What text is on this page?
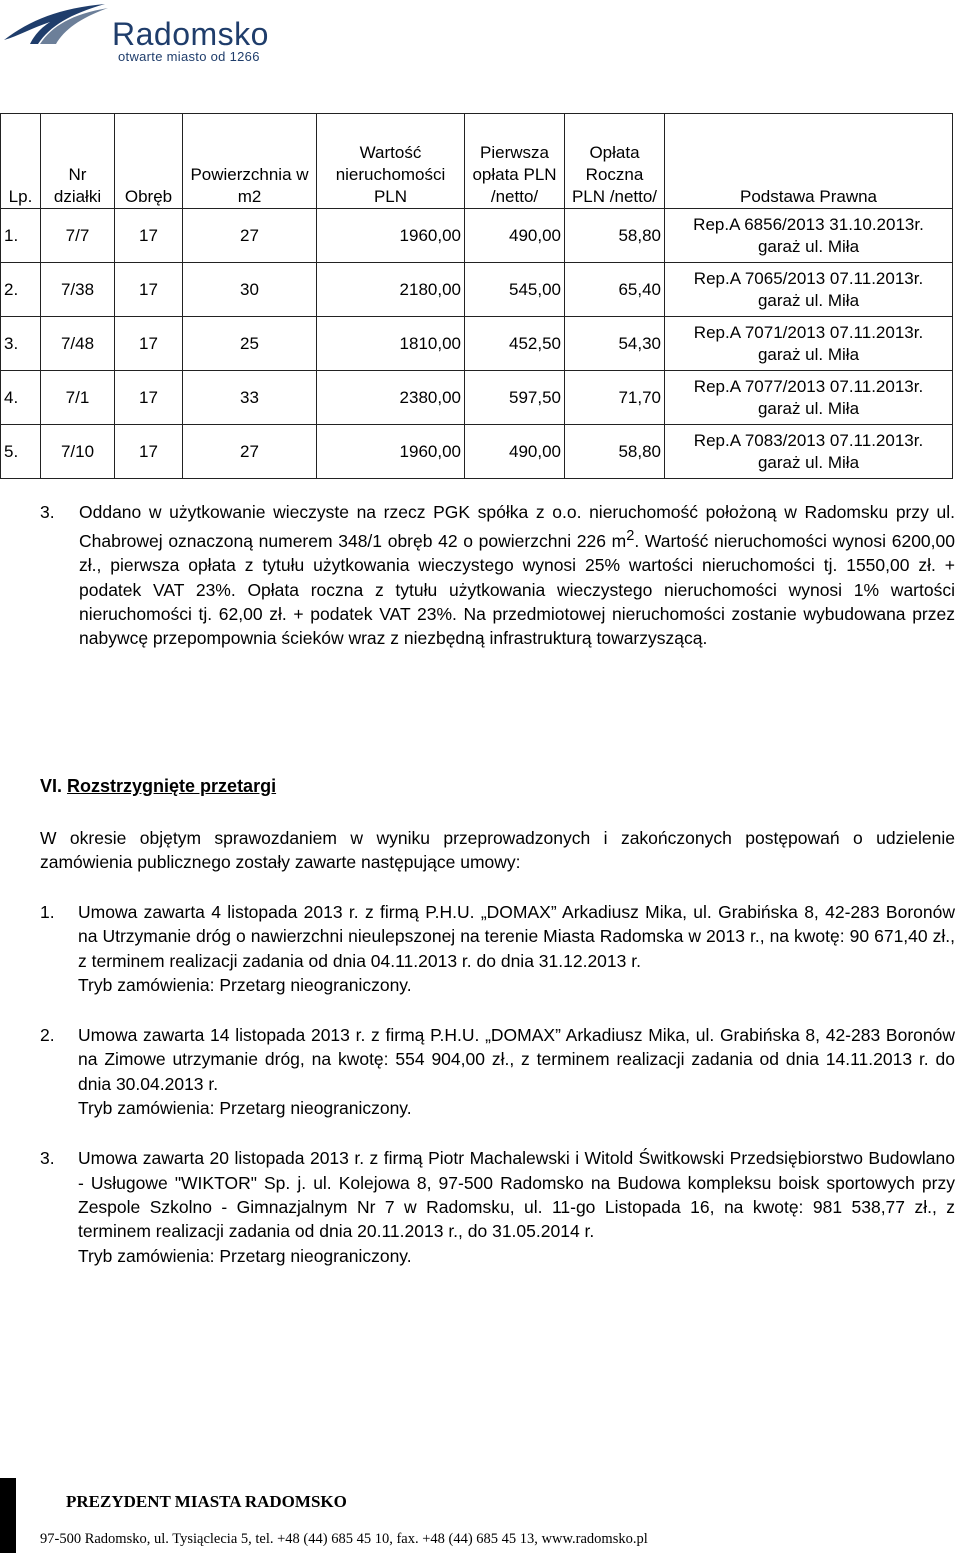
Radomsko
otwarte miasto od 1266
Lp.	Nr działki	Obręb	Powierzchnia w m2	Wartość nieruchomości PLN	Pierwsza opłata PLN /netto/	Opłata Roczna PLN /netto/	Podstawa Prawna
1.	7/7	17	27	1960,00	490,00	58,80	Rep.A 6856/2013 31.10.2013r.
garaż ul. Miła

2.	7/38	17	30	2180,00	545,00	65,40	Rep.A 7065/2013 07.11.2013r.
garaż ul. Miła

3.	7/48	17	25	1810,00	452,50	54,30	Rep.A 7071/2013 07.11.2013r.
garaż ul. Miła

4.	7/1	17	33	2380,00	597,50	71,70	Rep.A 7077/2013 07.11.2013r.
garaż ul. Miła

5.	7/10	17	27	1960,00	490,00	58,80	Rep.A 7083/2013 07.11.2013r.
garaż ul. Miła
3. Oddano w użytkowanie wieczyste na rzecz PGK spółka z o.o. nieruchomość położoną w Radomsku przy ul. Chabrowej oznaczoną numerem 348/1 obręb 42 o powierzchni 226 $m^2$. Wartość nieruchomości wynosi 6200,00 zł., pierwsza opłata z tytułu użytkowania wieczystego wynosi 25% wartości nieruchomości tj. 1550,00 zł. + podatek VAT 23%. Opłata roczna z tytułu użytkowania wieczystego nieruchomości wynosi 1% wartości nieruchomości tj. 62,00 zł. + podatek VAT 23%. Na przedmiotowej nieruchomości zostanie wybudowana przez nabywcę przepompownia ścieków wraz z niezbędną infrastrukturą towarzyszącą.
VI. Rozstrzygnięte przetargi
W okresie objętym sprawozdaniem w wyniku przeprowadzonych i zakończonych postępowań o udzielenie zamówienia publicznego zostały zawarte następujące umowy:
1. Umowa zawarta 4 listopada 2013 r. z firmą P.H.U. „DOMAX” Arkadiusz Mika, ul. Grabińska 8, 42-283 Boronów na Utrzymanie dróg o nawierzchni nieulepszonej na terenie Miasta Radomska w 2013 r., na kwotę: 90 671,40 zł., z terminem realizacji zadania od dnia 04.11.2013 r. do dnia 31.12.2013 r.
Tryb zamówienia: Przetarg nieograniczony.
2. Umowa zawarta 14 listopada 2013 r. z firmą P.H.U. „DOMAX” Arkadiusz Mika, ul. Grabińska 8, 42-283 Boronów na Zimowe utrzymanie dróg, na kwotę: 554 904,00 zł., z terminem realizacji zadania od dnia 14.11.2013 r. do dnia 30.04.2013 r.
Tryb zamówienia: Przetarg nieograniczony.
3. Umowa zawarta 20 listopada 2013 r. z firmą Piotr Machalewski i Witold Świtkowski Przedsiębiorstwo Budowlano - Usługowe "WIKTOR" Sp. j. ul. Kolejowa 8, 97-500 Radomsko na Budowa kompleksu boisk sportowych przy Zespole Szkolno - Gimnazjalnym Nr 7 w Radomsku, ul. 11-go Listopada 16, na kwotę: 981 538,77 zł., z terminem realizacji zadania od dnia 20.11.2013 r., do 31.05.2014 r.
Tryb zamówienia: Przetarg nieograniczony.
PREZYDENT MIASTA RADOMSKO
97-500 Radomsko, ul. Tysiąclecia 5, tel. +48 (44) 685 45 10, fax. +48 (44) 685 45 13, www.radomsko.pl
